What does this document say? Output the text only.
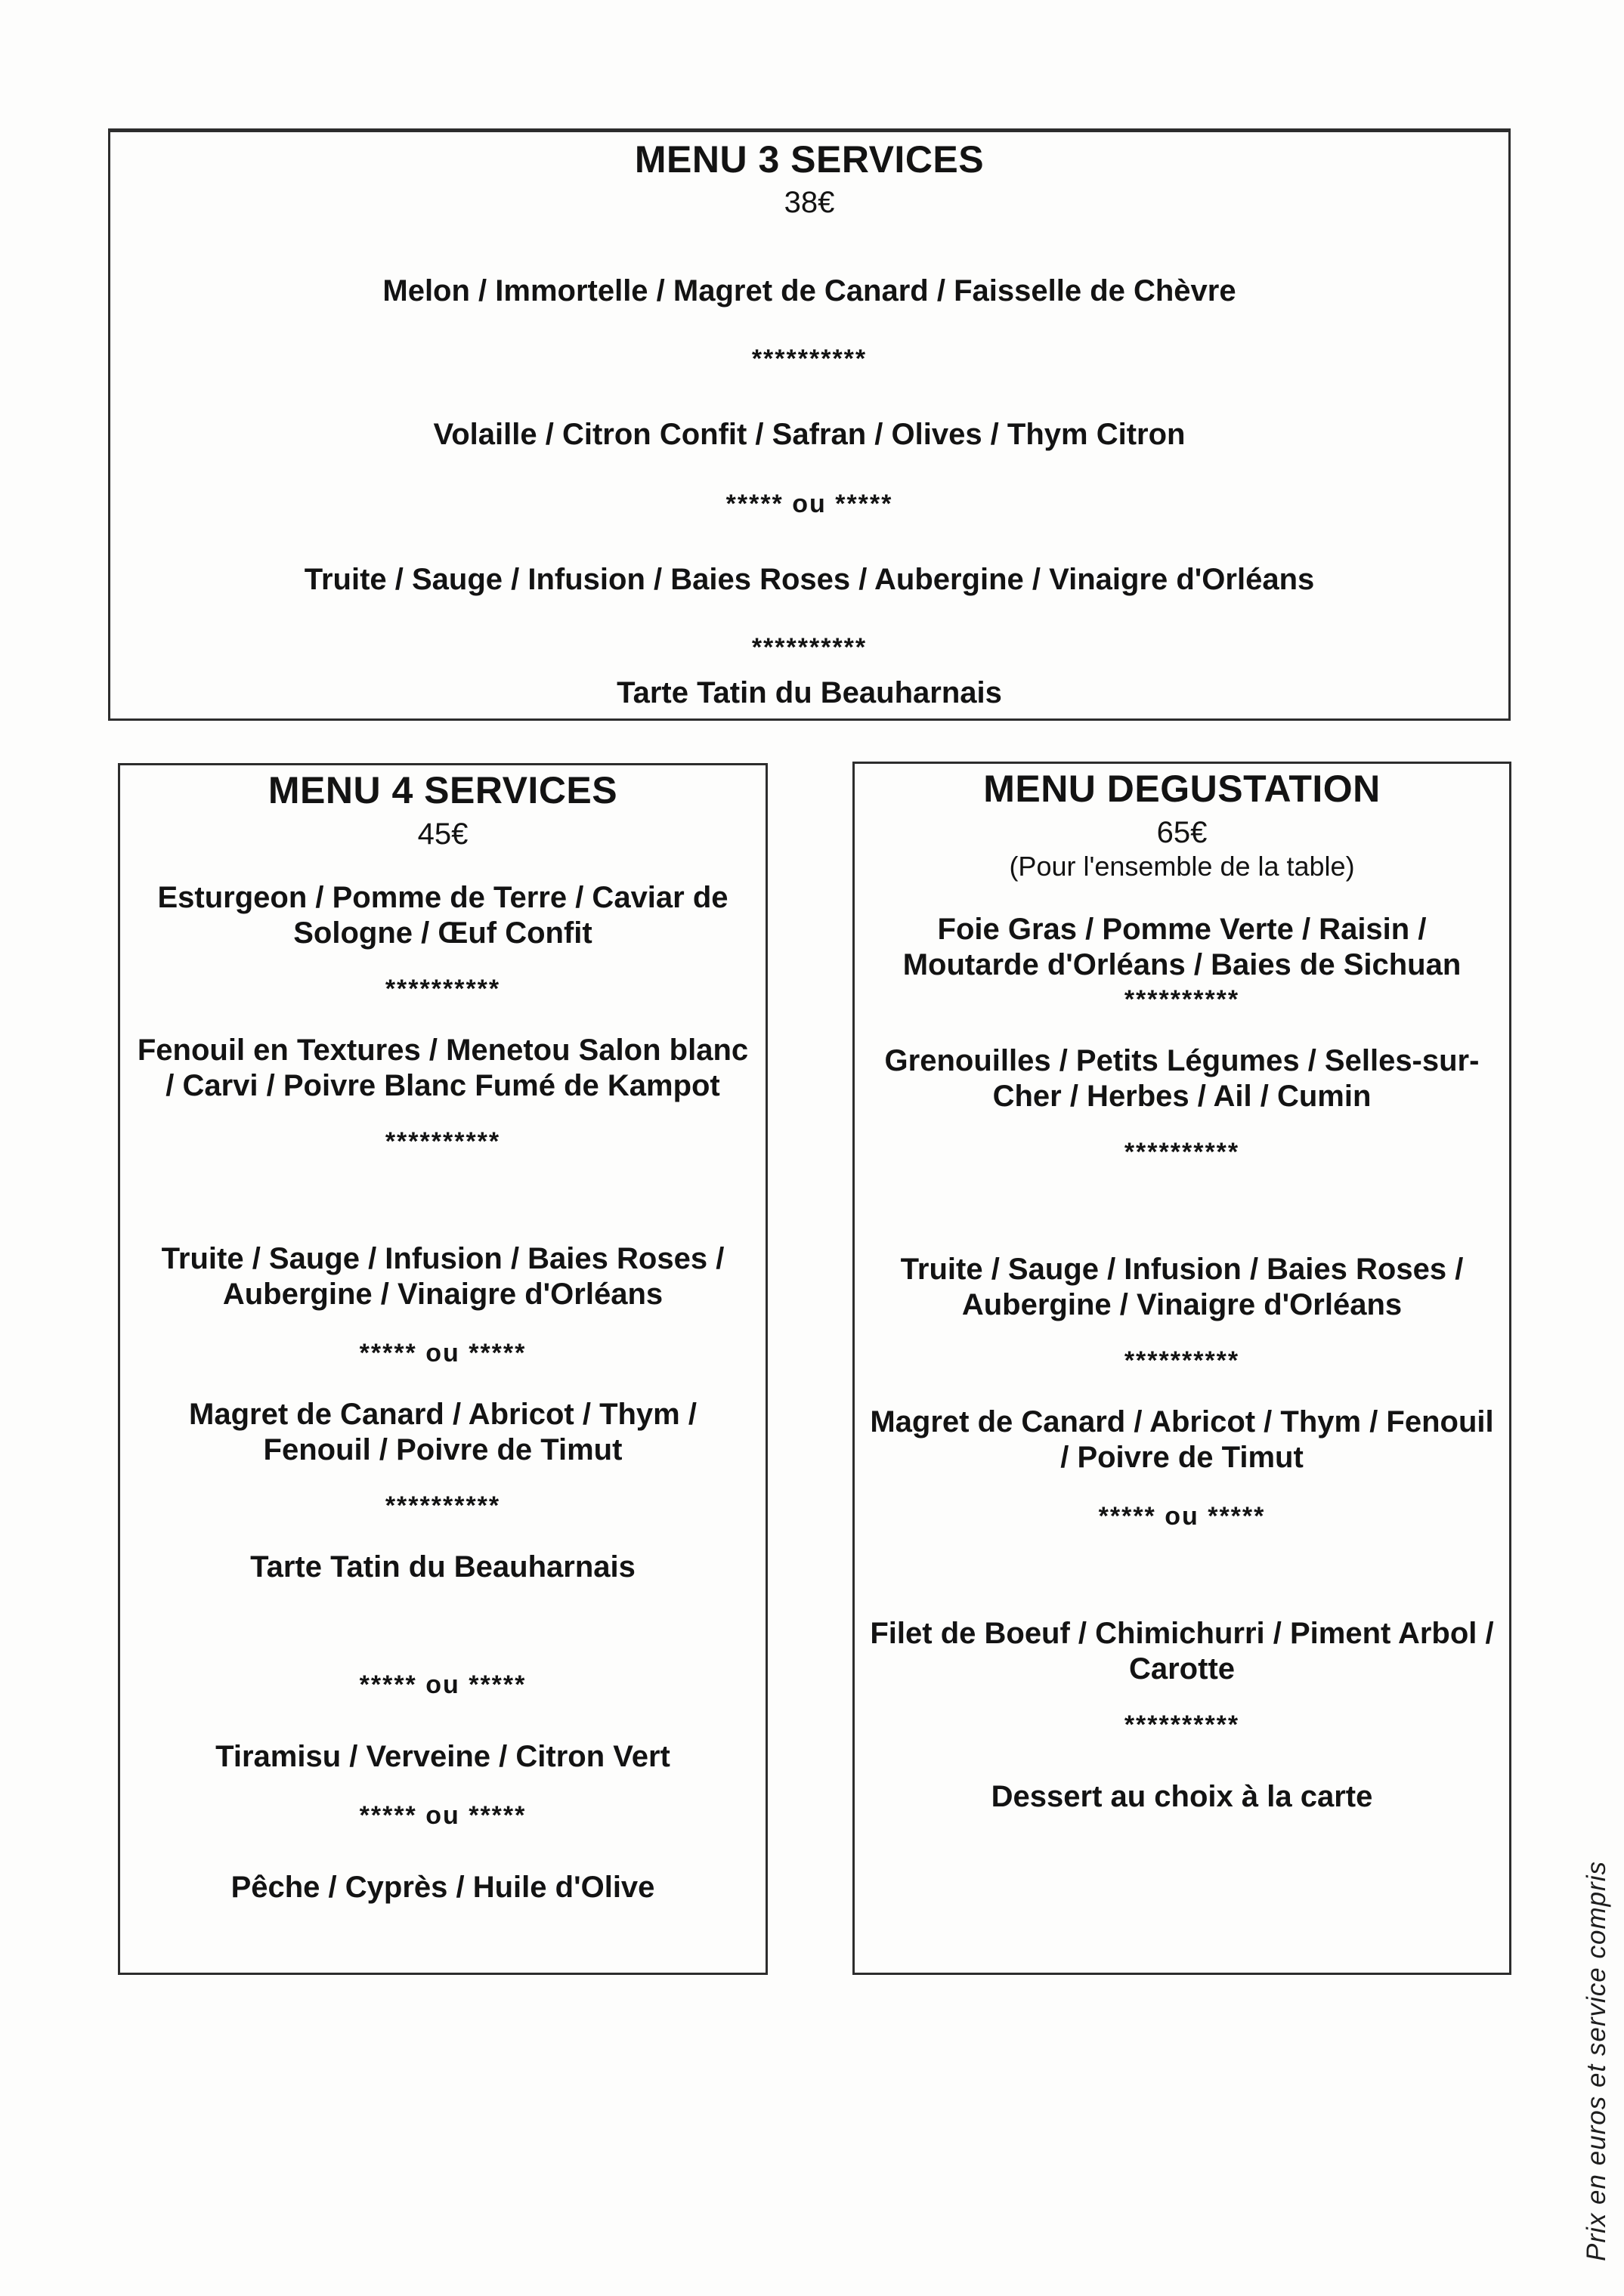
MENU 3 SERVICES
38€
Melon / Immortelle / Magret de Canard / Faisselle de Chèvre
**********
Volaille / Citron Confit / Safran / Olives / Thym Citron
***** ou *****
Truite / Sauge / Infusion / Baies Roses / Aubergine / Vinaigre d'Orléans
**********
Tarte Tatin du Beauharnais
MENU 4 SERVICES
45€
Esturgeon / Pomme de Terre / Caviar de Sologne / Œuf Confit
**********
Fenouil en Textures / Menetou Salon blanc / Carvi / Poivre Blanc Fumé de Kampot
**********
Truite / Sauge / Infusion / Baies Roses / Aubergine / Vinaigre d'Orléans
***** ou *****
Magret de Canard / Abricot / Thym / Fenouil / Poivre de Timut
**********
Tarte Tatin du Beauharnais
***** ou *****
Tiramisu / Verveine / Citron Vert
***** ou *****
Pêche / Cyprès / Huile d'Olive
MENU DEGUSTATION
65€
(Pour l'ensemble de la table)
Foie Gras / Pomme Verte / Raisin / Moutarde d'Orléans / Baies de Sichuan
**********
Grenouilles / Petits Légumes / Selles-sur-Cher / Herbes / Ail / Cumin
**********
Truite / Sauge / Infusion / Baies Roses / Aubergine / Vinaigre d'Orléans
**********
Magret de Canard / Abricot / Thym / Fenouil / Poivre de Timut
***** ou *****
Filet de Boeuf / Chimichurri / Piment Arbol / Carotte
**********
Dessert au choix à la carte
Prix en euros et service compris
